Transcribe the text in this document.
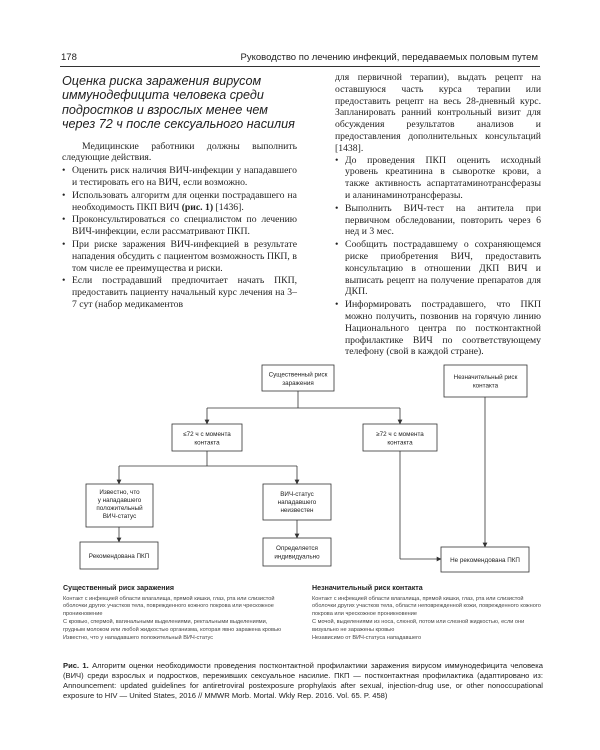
178	Руководство по лечению инфекций, передаваемых половым путем
Оценка риска заражения вирусом иммунодефицита человека среди подростков и взрослых менее чем через 72 ч после сексуального насилия

Медицинские работники должны выполнить следующие действия.

• Оценить риск наличия ВИЧ-инфекции у нападавшего и тестировать его на ВИЧ, если возможно.
• Использовать алгоритм для оценки пострадавшего на необходимость ПКП ВИЧ (рис. 1) [1436].
• Проконсультироваться со специалистом по лечению ВИЧ-инфекции, если рассматривают ПКП.
• При риске заражения ВИЧ-инфекцией в результате нападения обсудить с пациентом возможность ПКП, в том числе ее преимущества и риски.
• Если пострадавший предпочитает начать ПКП, предоставить пациенту начальный курс лечения на 3–7 сут (набор медикаментов

для первичной терапии), выдать рецепт на оставшуюся часть курса терапии или предоставить рецепт на весь 28-дневный курс. Запланировать ранний контрольный визит для обсуждения результатов анализов и предоставления дополнительных консультаций [1438].

• До проведения ПКП оценить исходный уровень креатинина в сыворотке крови, а также активность аспартатаминотрансферазы и аланинаминотрансферазы.
• Выполнить ВИЧ-тест на антитела при первичном обследовании, повторить через 6 нед и 3 мес.
• Сообщить пострадавшему о сохраняющемся риске приобретения ВИЧ, предоставить консультацию в отношении ДКП ВИЧ и выписать рецепт на получение препаратов для ДКП.
• Информировать пострадавшего, что ПКП можно получить, позвонив на горячую линию Национального центра по постконтактной профилактике ВИЧ по соответствующему телефону (свой в каждой стране).
Существенный риск заражения
Незначительный риск контакта
≤72 ч с момента контакта
≥72 ч с момента контакта
Известно, что у нападавшего положительный ВИЧ-статус
ВИЧ-статус нападавшего неизвестен
Рекомендована ПКП
Определяется индивидуально	Не рекомендована ПКП
Существенный риск заражения

Контакт с инфекцией области влагалища, прямой кишки, глаз, рта или слизистой оболочки других участков тела, поврежденного кожного покрова или чрескожное проникновение

С кровью, спермой, вагинальными выделениями, ректальными выделениями, грудным молоком или любой жидкостью организма, которая явно заражена кровью

Известно, что у нападавшего положительный ВИЧ-статус

Незначительный риск контакта

Контакт с инфекцией области влагалища, прямой кишки, глаз, рта или слизистой оболочки других участков тела, области неповрежденной кожи, поврежденного кожного покрова или чрескожное проникновение

С мочой, выделениями из носа, слюной, потом или слезной жидкостью, если они визуально не заражены кровью

Независимо от ВИЧ-статуса нападавшего

Рис. 1. Алгоритм оценки необходимости проведения постконтактной профилактики заражения вирусом иммунодефицита человека (ВИЧ) среди взрослых и подростков, переживших сексуальное насилие. ПКП — постконтактная профилактика (адаптировано из: Announcement: updated guidelines for antiretroviral postexposure prophylaxis after sexual, injection-drug use, or other nonoccupational exposure to HIV — United States, 2016 // MMWR Morb. Mortal. Wkly Rep. 2016. Vol. 65. P. 458)
